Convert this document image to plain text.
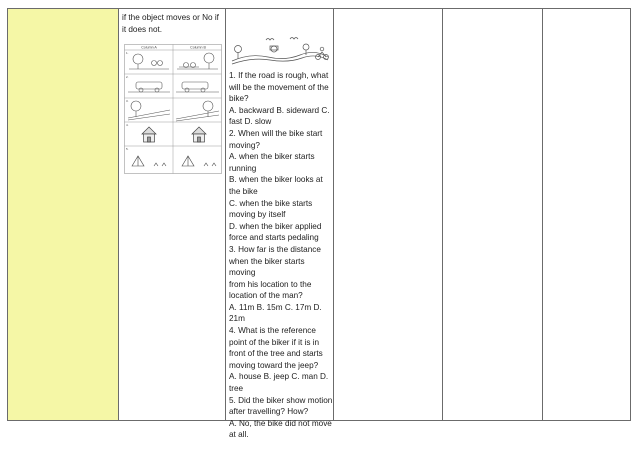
if the object moves or No if

it does not.

Column A	Column B
1.
2.
3.
4.
5.

1. If the road is rough, what

will be the movement of the

bike?

A. backward B. sideward C.

fast D. slow

2. When will the bike start

moving?

A. when the biker starts

running

B. when the biker looks at

the bike

C. when the bike starts

moving by itself

D. when the biker applied

force and starts pedaling

3. How far is the distance

when the biker starts moving

from his location to the

location of the man?

A. 11m B. 15m C. 17m D.

21m

4. What is the reference

point of the biker if it is in

front of the tree and starts

moving toward the jeep?

A. house B. jeep C. man D.

tree

5. Did the biker show motion

after travelling? How?

A. No, the bike did not move

at all.
